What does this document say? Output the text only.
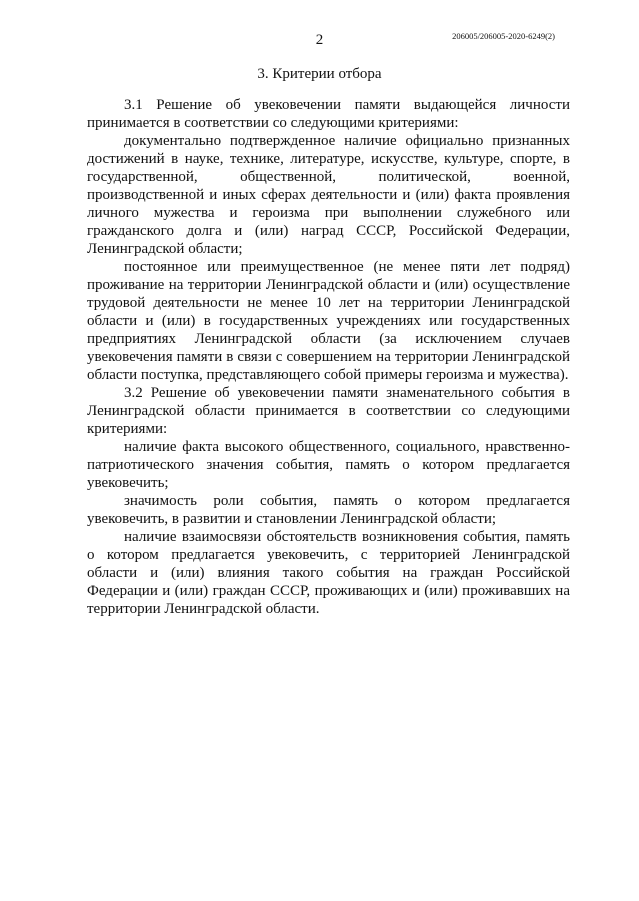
2	206005/206005-2020-6249(2)
3. Критерии отбора

3.1 Решение об увековечении памяти выдающейся личности принимается в соответствии со следующими критериями:

документально подтвержденное наличие официально признанных достижений в науке, технике, литературе, искусстве, культуре, спорте, в государственной, общественной, политической, военной, производственной и иных сферах деятельности и (или) факта проявления личного мужества и героизма при выполнении служебного или гражданского долга и (или) наград СССР, Российской Федерации, Ленинградской области;

постоянное или преимущественное (не менее пяти лет подряд) проживание на территории Ленинградской области и (или) осуществление трудовой деятельности не менее 10 лет на территории Ленинградской области и (или) в государственных учреждениях или государственных предприятиях Ленинградской области (за исключением случаев увековечения памяти в связи с совершением на территории Ленинградской области поступка, представляющего собой примеры героизма и мужества).

3.2 Решение об увековечении памяти знаменательного события в Ленинградской области принимается в соответствии со следующими критериями:

наличие факта высокого общественного, социального, нравственно-патриотического значения события, память о котором предлагается увековечить;

значимость роли события, память о котором предлагается увековечить, в развитии и становлении Ленинградской области;

наличие взаимосвязи обстоятельств возникновения события, память о котором предлагается увековечить, с территорией Ленинградской области и (или) влияния такого события на граждан Российской Федерации и (или) граждан СССР, проживающих и (или) проживавших на территории Ленинградской области.
